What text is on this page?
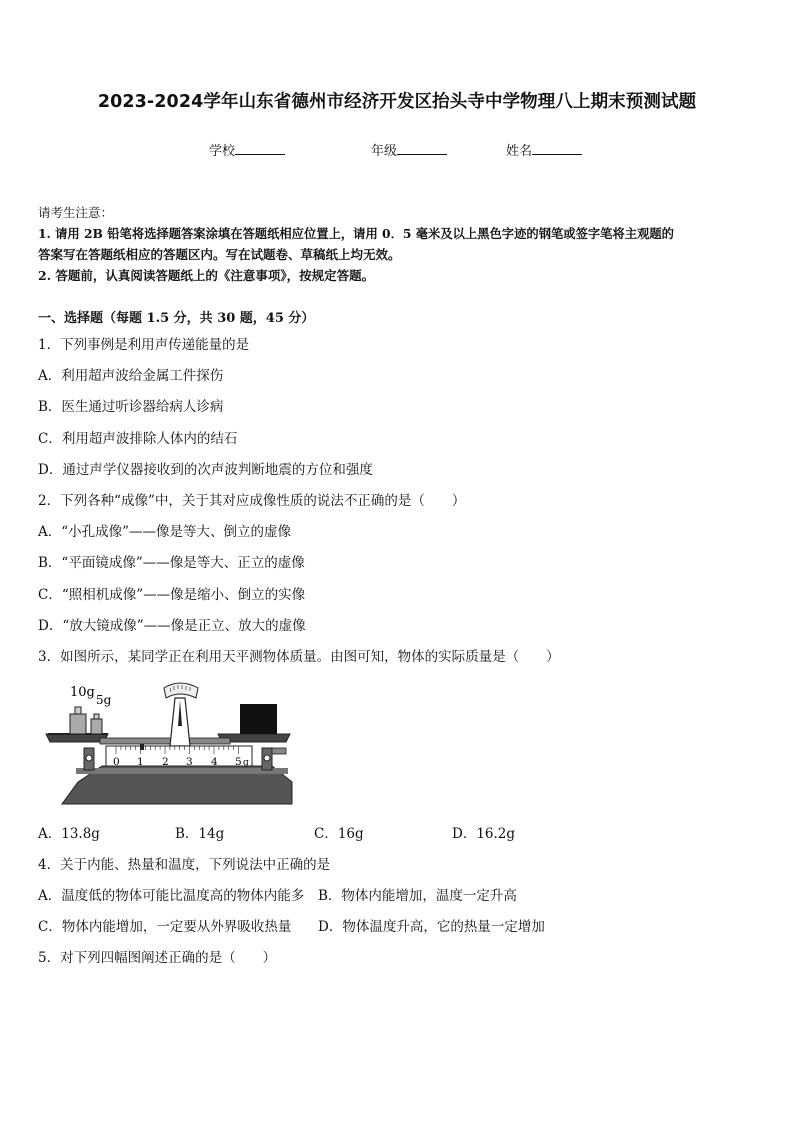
2023-2024学年山东省德州市经济开发区抬头寺中学物理八上期末预测试题
学校	年级	姓名
请考生注意：
1. 请用 2B 铅笔将选择题答案涂填在答题纸相应位置上，请用 0．5 毫米及以上黑色字迹的钢笔或签字笔将主观题的
答案写在答题纸相应的答题区内。写在试题卷、草稿纸上均无效。
2. 答题前，认真阅读答题纸上的《注意事项》，按规定答题。
一、选择题（每题 1.5 分，共 30 题，45 分）
1．下列事例是利用声传递能量的是
A．利用超声波给金属工件探伤
B．医生通过听诊器给病人诊病
C．利用超声波排除人体内的结石
D．通过声学仪器接收到的次声波判断地震的方位和强度
2．下列各种“成像”中，关于其对应成像性质的说法不正确的是（　　）
A．“小孔成像”——像是等大、倒立的虚像
B．“平面镜成像”——像是等大、正立的虚像
C．“照相机成像”——像是缩小、倒立的实像
D．“放大镜成像”——像是正立、放大的虚像
3．如图所示，某同学正在利用天平测物体质量。由图可知，物体的实际质量是（　　）
10g 5g
0 1 2 3 4 5 g
A．13.8g	B．14g	C．16g	D．16.2g
4．关于内能、热量和温度，下列说法中正确的是
A．温度低的物体可能比温度高的物体内能多 B．物体内能增加，温度一定升高
C．物体内能增加，一定要从外界吸收热量 D．物体温度升高，它的热量一定增加
5．对下列四幅图阐述正确的是（　　）
